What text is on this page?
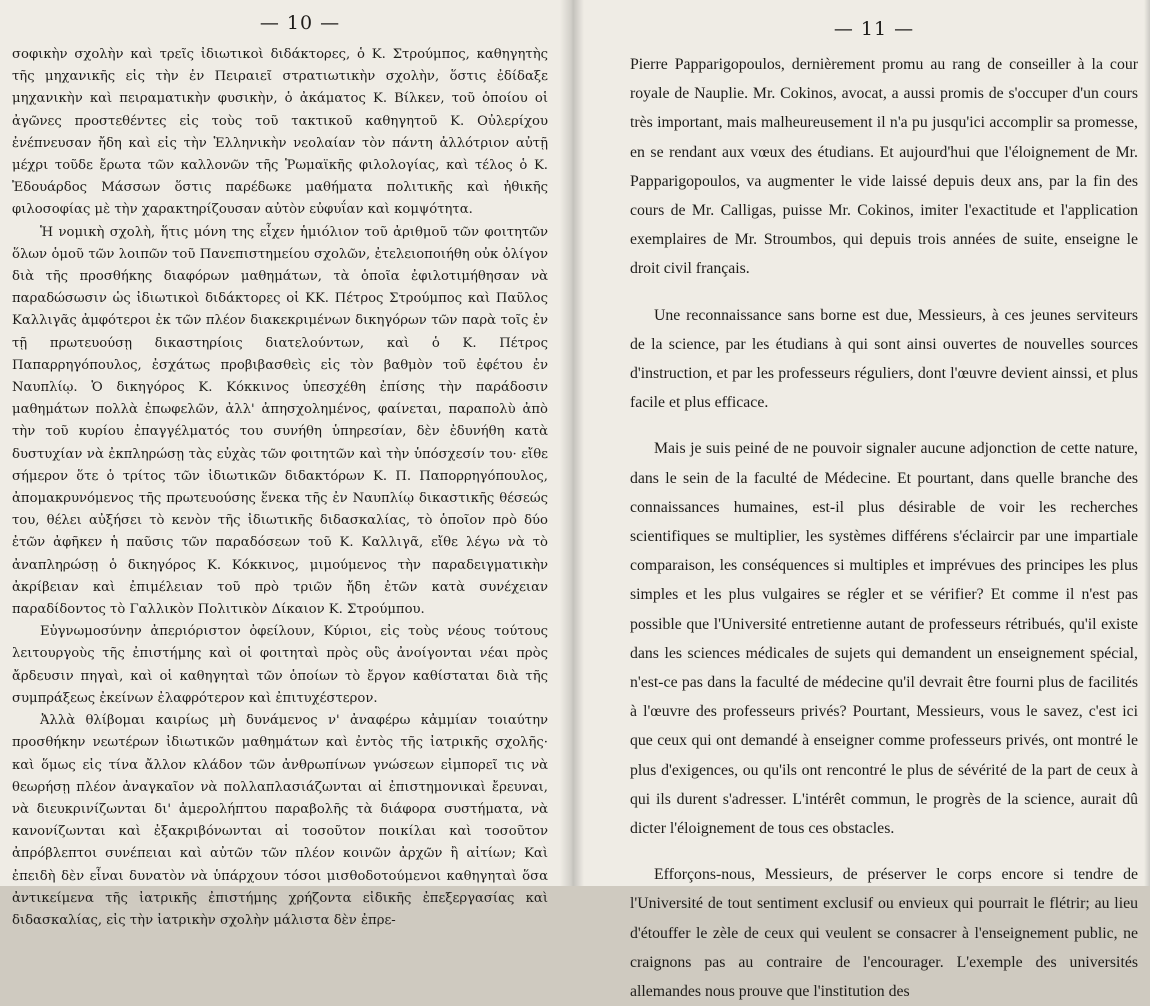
— 10 —

σοφικὴν σχολὴν καὶ τρεῖς ἰδιωτικοὶ διδάκτορες, ὁ Κ. Στρούμπος, καθηγητὴς τῆς μηχανικῆς εἰς τὴν ἐν Πειραιεῖ στρατιωτικὴν σχολὴν, ὅστις ἐδίδαξε μηχανικὴν καὶ πειραματικὴν φυσικὴν, ὁ ἀκάματος Κ. Βίλκεν, τοῦ ὁποίου οἱ ἀγῶνες προστεθέντες εἰς τοὺς τοῦ τακτικοῦ καθηγητοῦ Κ. Οὐλερίχου ἐνέπνευσαν ἤδη καὶ εἰς τὴν Ἑλληνικὴν νεολαίαν τὸν πάντη ἀλλότριον αὐτῇ μέχρι τοῦδε ἔρωτα τῶν καλλονῶν τῆς Ῥωμαϊκῆς φιλολογίας, καὶ τέλος ὁ Κ. Ἐδουάρδος Μάσσων ὅστις παρέδωκε μαθήματα πολιτικῆς καὶ ἠθικῆς φιλοσοφίας μὲ τὴν χαρακτηρίζουσαν αὐτὸν εὐφυΐαν καὶ κομψότητα.

Ἡ νομικὴ σχολὴ, ἥτις μόνη της εἶχεν ἡμιόλιον τοῦ ἀριθμοῦ τῶν φοιτητῶν ὅλων ὁμοῦ τῶν λοιπῶν τοῦ Πανεπιστημείου σχολῶν, ἐτελειοποιήθη οὐκ ὀλίγον διὰ τῆς προσθήκης διαφόρων μαθημάτων, τὰ ὁποῖα ἐφιλοτιμήθησαν νὰ παραδώσωσιν ὡς ἰδιωτικοὶ διδάκτορες οἱ ΚΚ. Πέτρος Στρούμπος καὶ Παῦλος Καλλιγᾶς ἀμφότεροι ἐκ τῶν πλέον διακεκριμένων δικηγόρων τῶν παρὰ τοῖς ἐν τῇ πρωτευούσῃ δικαστηρίοις διατελούντων, καὶ ὁ Κ. Πέτρος Παπαρρηγόπουλος, ἐσχάτως προβιβασθεὶς εἰς τὸν βαθμὸν τοῦ ἐφέτου ἐν Ναυπλίῳ. Ὁ δικηγόρος Κ. Κόκκινος ὑπεσχέθη ἐπίσης τὴν παράδοσιν μαθημάτων πολλὰ ἐπωφελῶν, ἀλλ' ἀπησχολημένος, φαίνεται, παραπολὺ ἀπὸ τὴν τοῦ κυρίου ἐπαγγέλματός του συνήθη ὑπηρεσίαν, δὲν ἐδυνήθη κατὰ δυστυχίαν νὰ ἐκπληρώσῃ τὰς εὐχὰς τῶν φοιτητῶν καὶ τὴν ὑπόσχεσίν του· εἴθε σήμερον ὅτε ὁ τρίτος τῶν ἰδιωτικῶν διδακτόρων Κ. Π. Παπορρηγόπουλος, ἀπομακρυνόμενος τῆς πρωτευούσης ἕνεκα τῆς ἐν Ναυπλίῳ δικαστικῆς θέσεώς του, θέλει αὐξήσει τὸ κενὸν τῆς ἰδιωτικῆς διδασκαλίας, τὸ ὁποῖον πρὸ δύο ἐτῶν ἀφῆκεν ἡ παῦσις τῶν παραδόσεων τοῦ Κ. Καλλιγᾶ, εἴθε λέγω νὰ τὸ ἀναπληρώσῃ ὁ δικηγόρος Κ. Κόκκινος, μιμούμενος τὴν παραδειγματικὴν ἀκρίβειαν καὶ ἐπιμέλειαν τοῦ πρὸ τριῶν ἤδη ἐτῶν κατὰ συνέχειαν παραδίδοντος τὸ Γαλλικὸν Πολιτικὸν Δίκαιον Κ. Στρούμπου.

Εὐγνωμοσύνην ἀπεριόριστον ὀφείλουν, Κύριοι, εἰς τοὺς νέους τούτους λειτουργοὺς τῆς ἐπιστήμης καὶ οἱ φοιτηταὶ πρὸς οὓς ἀνοίγονται νέαι πρὸς ἄρδευσιν πηγαὶ, καὶ οἱ καθηγηταὶ τῶν ὁποίων τὸ ἔργον καθίσταται διὰ τῆς συμπράξεως ἐκείνων ἐλαφρότερον καὶ ἐπιτυχέστερον.

Ἀλλὰ θλίβομαι καιρίως μὴ δυνάμενος ν' ἀναφέρω κἀμμίαν τοιαύτην προσθήκην νεωτέρων ἰδιωτικῶν μαθημάτων καὶ ἐντὸς τῆς ἰατρικῆς σχολῆς· καὶ ὅμως εἰς τίνα ἄλλον κλάδον τῶν ἀνθρωπίνων γνώσεων εἰμπορεῖ τις νὰ θεωρήσῃ πλέον ἀναγκαῖον νὰ πολλαπλασιάζωνται αἱ ἐπιστημονικαὶ ἔρευναι, νὰ διευκρινίζωνται δι' ἀμερολήπτου παραβολῆς τὰ διάφορα συστήματα, νὰ κανονίζωνται καὶ ἐξακριβόνωνται αἱ τοσοῦτον ποικίλαι καὶ τοσοῦτον ἀπρόβλεπτοι συνέπειαι καὶ αὐτῶν τῶν πλέον κοινῶν ἀρχῶν ἢ αἰτίων; Καὶ ἐπειδὴ δὲν εἶναι δυνατὸν νὰ ὑπάρχουν τόσοι μισθοδοτούμενοι καθηγηταὶ ὅσα ἀντικείμενα τῆς ἰατρικῆς ἐπιστήμης χρήζοντα εἰδικῆς ἐπεξεργασίας καὶ διδασκαλίας, εἰς τὴν ἰατρικὴν σχολὴν μάλιστα δὲν ἐπρε-

— 11 —

Pierre Papparigopoulos, dernièrement promu au rang de conseiller à la cour royale de Nauplie. Mr. Cokinos, avocat, a aussi promis de s'occuper d'un cours très important, mais malheureusement il n'a pu jusqu'ici accomplir sa promesse, en se rendant aux vœux des étudians. Et aujourd'hui que l'éloignement de Mr. Papparigopoulos, va augmenter le vide laissé depuis deux ans, par la fin des cours de Mr. Calligas, puisse Mr. Cokinos, imiter l'exactitude et l'application exemplaires de Mr. Stroumbos, qui depuis trois années de suite, enseigne le droit civil français.

Une reconnaissance sans borne est due, Messieurs, à ces jeunes serviteurs de la science, par les étudians à qui sont ainsi ouvertes de nouvelles sources d'instruction, et par les professeurs réguliers, dont l'œuvre devient ainssi, et plus facile et plus efficace.

Mais je suis peiné de ne pouvoir signaler aucune adjonction de cette nature, dans le sein de la faculté de Médecine. Et pourtant, dans quelle branche des connaissances humaines, est-il plus désirable de voir les recherches scientifiques se multiplier, les systèmes différens s'éclaircir par une impartiale comparaison, les conséquences si multiples et imprévues des principes les plus simples et les plus vulgaires se régler et se vérifier? Et comme il n'est pas possible que l'Université entretienne autant de professeurs rétribués, qu'il existe dans les sciences médicales de sujets qui demandent un enseignement spécial, n'est-ce pas dans la faculté de médecine qu'il devrait être fourni plus de facilités à l'œuvre des professeurs privés? Pourtant, Messieurs, vous le savez, c'est ici que ceux qui ont demandé à enseigner comme professeurs privés, ont montré le plus d'exigences, ou qu'ils ont rencontré le plus de sévérité de la part de ceux à qui ils durent s'adresser. L'intérêt commun, le progrès de la science, aurait dû dicter l'éloignement de tous ces obstacles.

Efforçons-nous, Messieurs, de préserver le corps encore si tendre de l'Université de tout sentiment exclusif ou envieux qui pourrait le flétrir; au lieu d'étouffer le zèle de ceux qui veulent se consacrer à l'enseignement public, ne craignons pas au contraire de l'encourager. L'exemple des universités allemandes nous prouve que l'institution des
